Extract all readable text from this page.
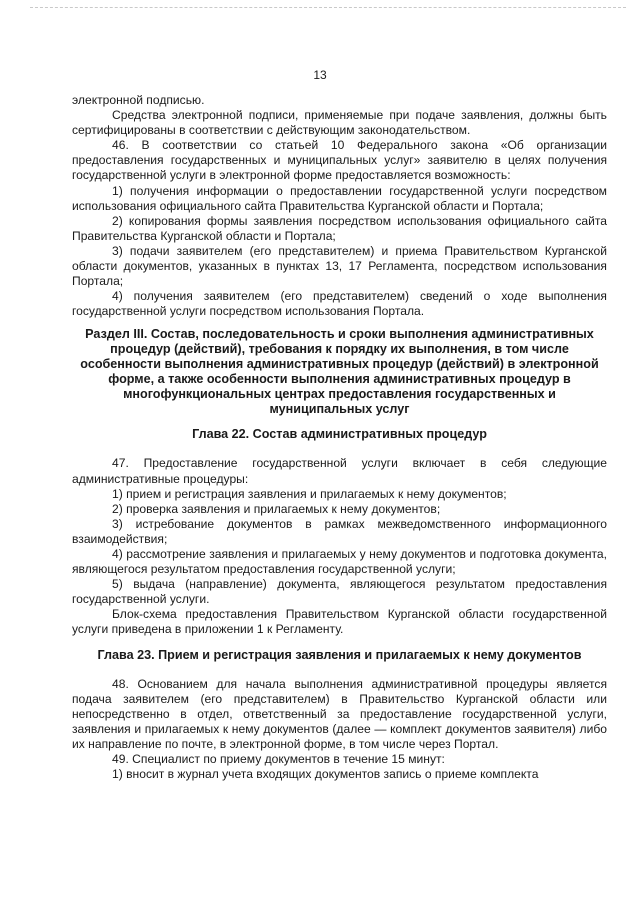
13

электронной подписью.

Средства электронной подписи, применяемые при подаче заявления, должны быть сертифицированы в соответствии с действующим законодательством.

46. В соответствии со статьей 10 Федерального закона «Об организации предоставления государственных и муниципальных услуг» заявителю в целях получения государственной услуги в электронной форме предоставляется возможность:

1) получения информации о предоставлении государственной услуги посредством использования официального сайта Правительства Курганской области и Портала;

2) копирования формы заявления посредством использования официального сайта Правительства Курганской области и Портала;

3) подачи заявителем (его представителем) и приема Правительством Курганской области документов, указанных в пунктах 13, 17 Регламента, посредством использования Портала;

4) получения заявителем (его представителем) сведений о ходе выполнения государственной услуги посредством использования Портала.

Раздел III. Состав, последовательность и сроки выполнения административных процедур (действий), требования к порядку их выполнения, в том числе особенности выполнения административных процедур (действий) в электронной форме, а также особенности выполнения административных процедур в многофункциональных центрах предоставления государственных и муниципальных услуг
Глава 22. Состав административных процедур

47. Предоставление государственной услуги включает в себя следующие административные процедуры:

1) прием и регистрация заявления и прилагаемых к нему документов;

2) проверка заявления и прилагаемых к нему документов;

3) истребование документов в рамках межведомственного информационного взаимодействия;

4) рассмотрение заявления и прилагаемых у нему документов и подготовка документа, являющегося результатом предоставления государственной услуги;

5) выдача (направление) документа, являющегося результатом предоставления государственной услуги.

Блок-схема предоставления Правительством Курганской области государственной услуги приведена в приложении 1 к Регламенту.

Глава 23. Прием и регистрация заявления и прилагаемых к нему документов

48. Основанием для начала выполнения административной процедуры является подача заявителем (его представителем) в Правительство Курганской области или непосредственно в отдел, ответственный за предоставление государственной услуги, заявления и прилагаемых к нему документов (далее — комплект документов заявителя) либо их направление по почте, в электронной форме, в том числе через Портал.

49. Специалист по приему документов в течение 15 минут:

1) вносит в журнал учета входящих документов запись о приеме комплекта
